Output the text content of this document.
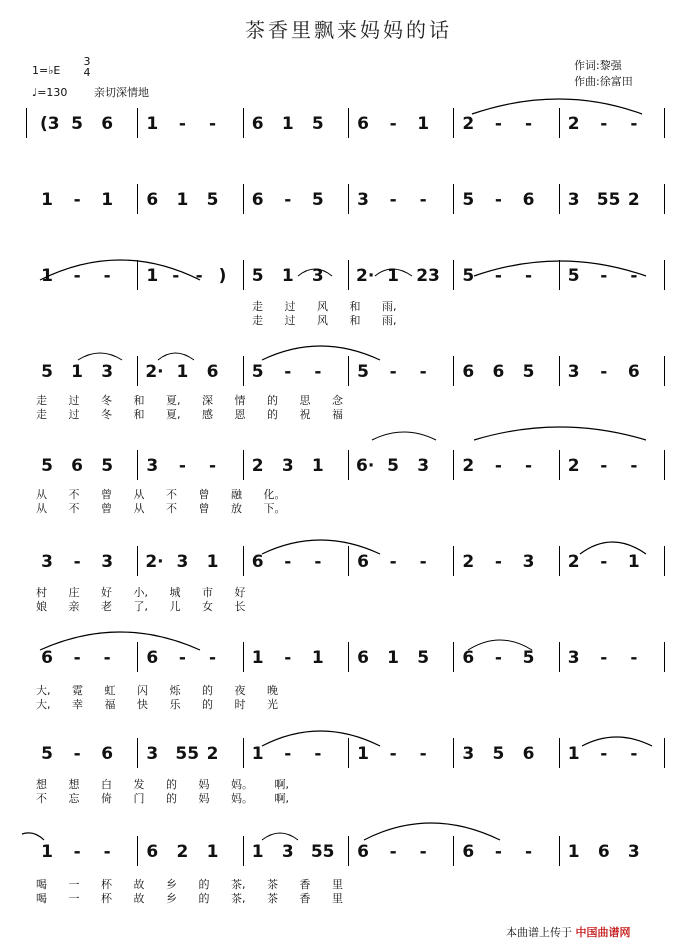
茶香里飘来妈妈的话
1=♭E
3
4
♩=130 亲切深情地
作词:黎强
作曲:徐富田
(3 5 6 1 - - 6 1 5 6 - 1 2 - - 2 - -
1 - 1 6 1 5 6 - 5 3 - - 5 - 6 3 55 2
1 - - 1 - - ) 5 1 3 2· 1 23 5 - - 5 - -
走 过 风 和 雨,
走 过 风 和 雨,
5 1 3 2· 1 6 5 - - 5 - - 6 6 5 3 - 6
走 过 冬 和 夏, 深 情 的 思 念
走 过 冬 和 夏, 感 恩 的 祝 福
5 6 5 3 - - 2 3 1 6· 5 3 2 - - 2 - -
从 不 曾 从 不 曾 融 化。
从 不 曾 从 不 曾 放 下。
3 - 3 2· 3 1 6 - - 6 - - 2 - 3 2 - 1
村 庄 好 小, 城 市 好
娘 亲 老 了, 儿 女 长
6 - - 6 - - 1 - 1 6 1 5 6 - 5 3 - -
大, 霓 虹 闪 烁 的 夜 晚
大, 幸 福 快 乐 的 时 光
5 - 6 3 55 2 1 - - 1 - - 3 5 6 1 - -
想 想 白 发 的 妈 妈。 啊,
不 忘 倚 门 的 妈 妈。 啊,
1 - - 6 2 1 1 3 55 6 - - 6 - - 1 6 3
喝 一 杯 故 乡 的 茶, 茶 香 里
喝 一 杯 故 乡 的 茶, 茶 香 里
本曲谱上传于 中国曲谱网
